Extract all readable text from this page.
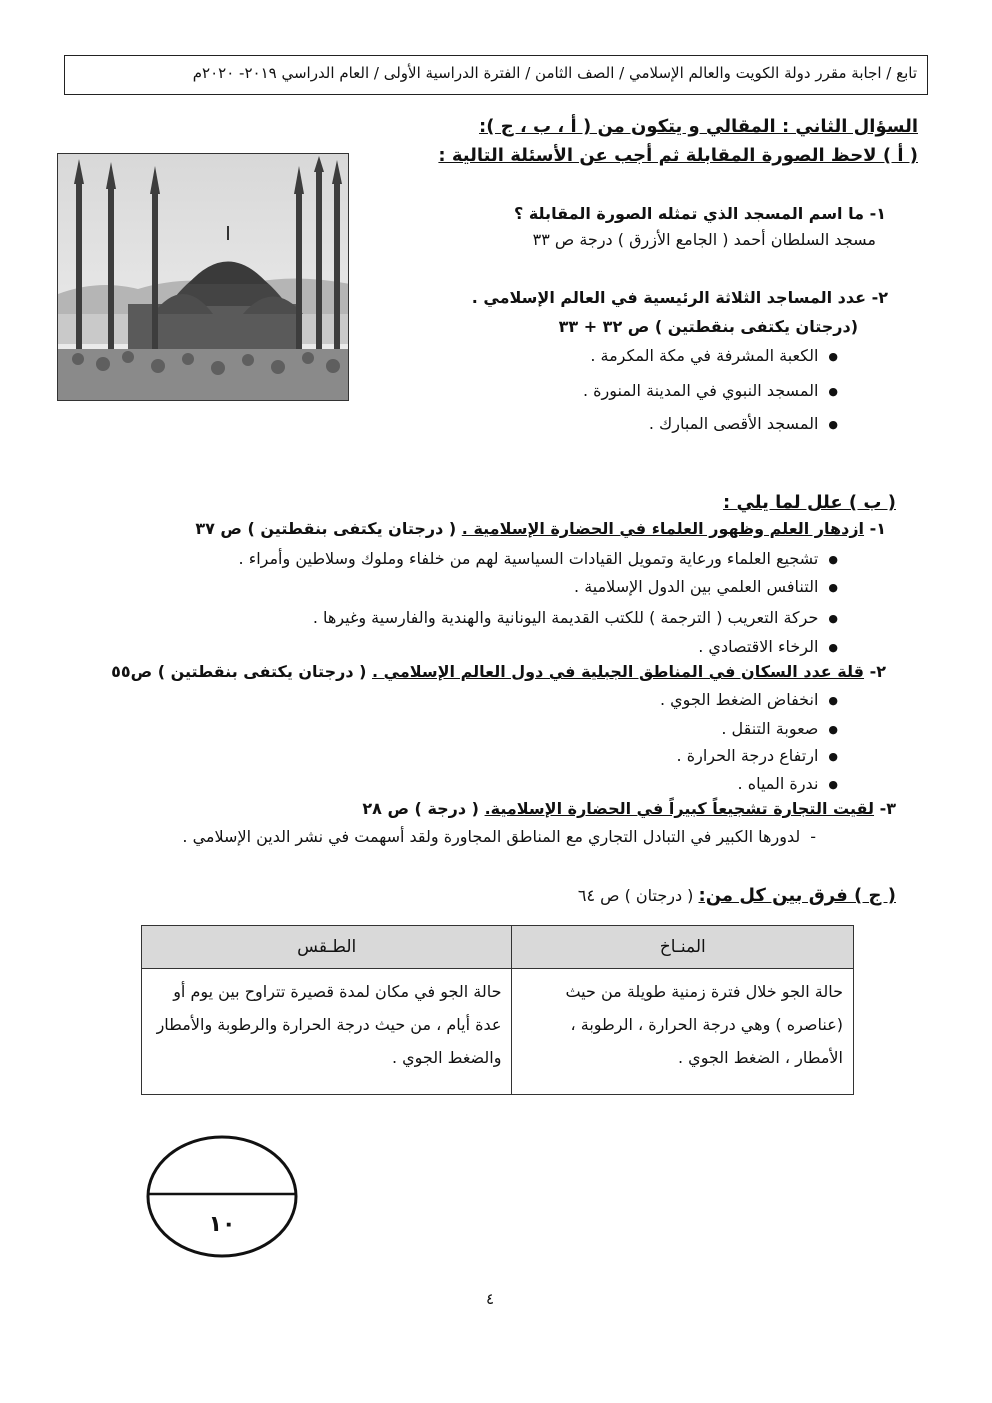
تابع / اجابة مقرر دولة الكويت والعالم الإسلامي / الصف الثامن / الفترة الدراسية الأولى / العام الدراسي ٢٠١٩- ٢٠٢٠م
السؤال الثاني : المقالي و يتكون من ( أ ، ب ، ج ):
( أ ) لاحظ الصورة المقابلة ثم أجب عن الأسئلة التالية :
١- ما اسم المسجد الذي تمثله الصورة المقابلة ؟
مسجد السلطان أحمد ( الجامع الأزرق ) درجة ص ٣٣
٢- عدد المساجد الثلاثة الرئيسية في العالم الإسلامي .
(درجتان يكتفى بنقطتين ) ص ٣٢ + ٣٣
● الكعبة المشرفة في مكة المكرمة .
● المسجد النبوي في المدينة المنورة .
● المسجد الأقصى المبارك .
( ب ) علل لما يلي :
١- ازدهار العلم وظهور العلماء في الحضارة الإسلامية . ( درجتان يكتفى بنقطتين ) ص ٣٧
● تشجيع العلماء ورعاية وتمويل القيادات السياسية لهم من خلفاء وملوك وسلاطين وأمراء .
● التنافس العلمي بين الدول الإسلامية .
● حركة التعريب ( الترجمة ) للكتب القديمة اليونانية والهندية والفارسية وغيرها .
● الرخاء الاقتصادي .
٢- قلة عدد السكان في المناطق الجبلية في دول العالم الإسلامي . ( درجتان يكتفى بنقطتين ) ص٥٥
● انخفاض الضغط الجوي .
● صعوبة التنقل .
● ارتفاع درجة الحرارة .
● ندرة المياه .
٣- لقيت التجارة تشجيعاً كبيراً في الحضارة الإسلامية. ( درجة ) ص ٢٨
- لدورها الكبير في التبادل التجاري مع المناطق المجاورة ولقد أسهمت في نشر الدين الإسلامي .
( ج ) فرق بين كل من: ( درجتان ) ص ٦٤
المنـاخ	الطـقس
حالة الجو خلال فترة زمنية طويلة من حيث (عناصره ) وهي درجة الحرارة ، الرطوبة ، الأمطار ، الضغط الجوي .	حالة الجو في مكان لمدة قصيرة تتراوح بين يوم أو عدة أيام ، من حيث درجة الحرارة والرطوبة والأمطار والضغط الجوي .
١٠
٤
